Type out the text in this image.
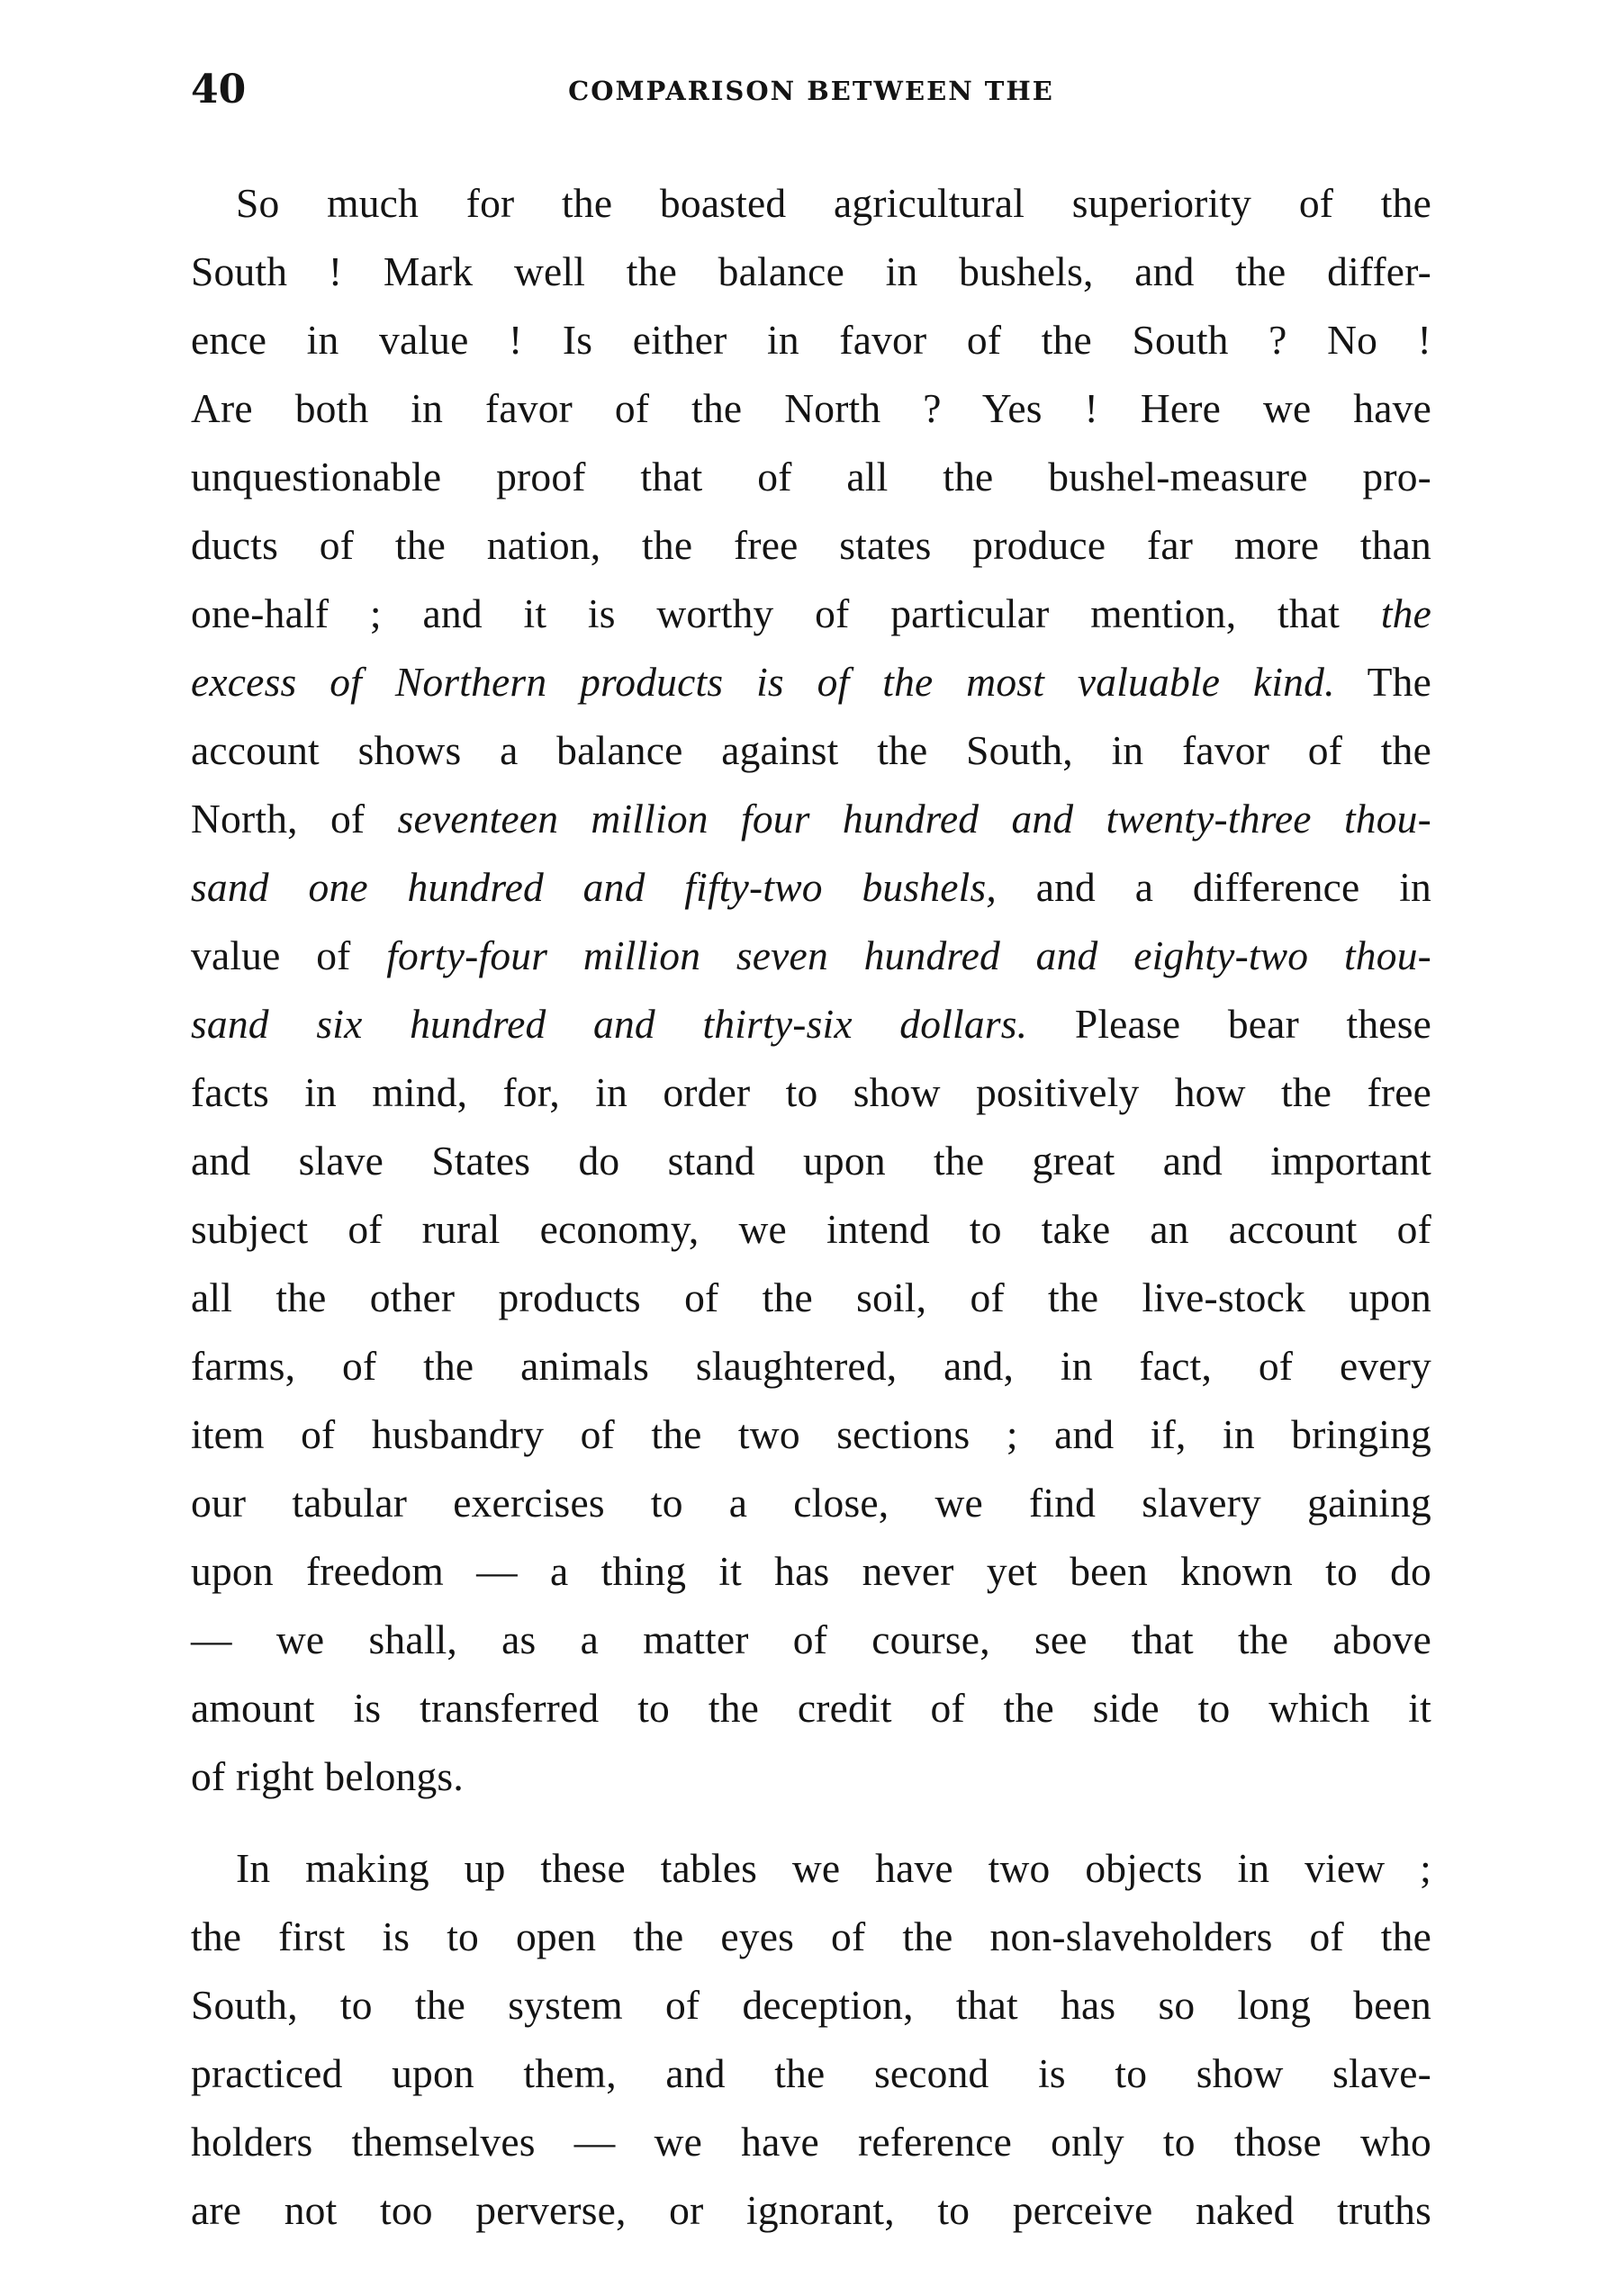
40	COMPARISON BETWEEN THE
So much for the boasted agricultural superiority of the
South ! Mark well the balance in bushels, and the differ-
ence in value ! Is either in favor of the South ? No !
Are both in favor of the North ? Yes ! Here we have
unquestionable proof that of all the bushel-measure pro-
ducts of the nation, the free states produce far more than
one-half ; and it is worthy of particular mention, that the
excess of Northern products is of the most valuable kind. The
account shows a balance against the South, in favor of the
North, of seventeen million four hundred and twenty-three thou-
sand one hundred and fifty-two bushels, and a difference in
value of forty-four million seven hundred and eighty-two thou-
sand six hundred and thirty-six dollars. Please bear these
facts in mind, for, in order to show positively how the free
and slave States do stand upon the great and important
subject of rural economy, we intend to take an account of
all the other products of the soil, of the live-stock upon
farms, of the animals slaughtered, and, in fact, of every
item of husbandry of the two sections ; and if, in bringing
our tabular exercises to a close, we find slavery gaining
upon freedom — a thing it has never yet been known to do
— we shall, as a matter of course, see that the above
amount is transferred to the credit of the side to which it
of right belongs.
In making up these tables we have two objects in view ;
the first is to open the eyes of the non-slaveholders of the
South, to the system of deception, that has so long been
practiced upon them, and the second is to show slave-
holders themselves — we have reference only to those who
are not too perverse, or ignorant, to perceive naked truths
